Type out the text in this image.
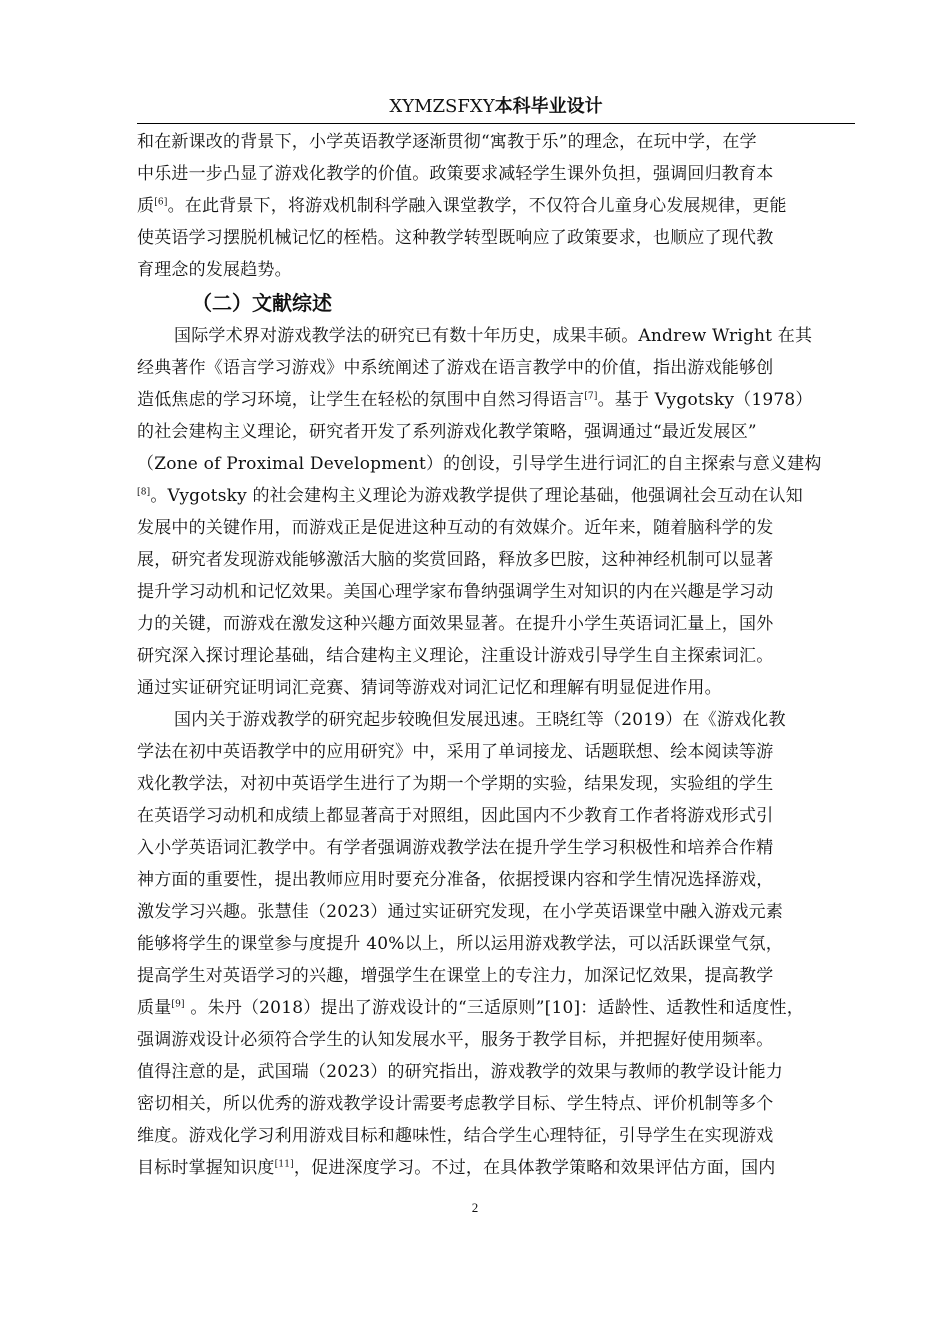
XYMZSFXY本科毕业设计
和在新课改的背景下，小学英语教学逐渐贯彻“寓教于乐”的理念，在玩中学，在学
中乐进一步凸显了游戏化教学的价值。政策要求减轻学生课外负担，强调回归教育本
质[6]。在此背景下，将游戏机制科学融入课堂教学，不仅符合儿童身心发展规律，更能
使英语学习摆脱机械记忆的桎梏。这种教学转型既响应了政策要求，也顺应了现代教
育理念的发展趋势。
（二）文献综述
国际学术界对游戏教学法的研究已有数十年历史，成果丰硕。Andrew Wright 在其
经典著作《语言学习游戏》中系统阐述了游戏在语言教学中的价值，指出游戏能够创
造低焦虑的学习环境，让学生在轻松的氛围中自然习得语言[7]。基于 Vygotsky（1978）
的社会建构主义理论，研究者开发了系列游戏化教学策略，强调通过“最近发展区”
（Zone of Proximal Development）的创设，引导学生进行词汇的自主探索与意义建构
[8]。Vygotsky 的社会建构主义理论为游戏教学提供了理论基础，他强调社会互动在认知
发展中的关键作用，而游戏正是促进这种互动的有效媒介。近年来，随着脑科学的发
展，研究者发现游戏能够激活大脑的奖赏回路，释放多巴胺，这种神经机制可以显著
提升学习动机和记忆效果。美国心理学家布鲁纳强调学生对知识的内在兴趣是学习动
力的关键，而游戏在激发这种兴趣方面效果显著。在提升小学生英语词汇量上，国外
研究深入探讨理论基础，结合建构主义理论，注重设计游戏引导学生自主探索词汇。
通过实证研究证明词汇竞赛、猜词等游戏对词汇记忆和理解有明显促进作用。
国内关于游戏教学的研究起步较晚但发展迅速。王晓红等（2019）在《游戏化教
学法在初中英语教学中的应用研究》中，采用了单词接龙、话题联想、绘本阅读等游
戏化教学法，对初中英语学生进行了为期一个学期的实验，结果发现，实验组的学生
在英语学习动机和成绩上都显著高于对照组，因此国内不少教育工作者将游戏形式引
入小学英语词汇教学中。有学者强调游戏教学法在提升学生学习积极性和培养合作精
神方面的重要性，提出教师应用时要充分准备，依据授课内容和学生情况选择游戏，
激发学习兴趣。张慧佳（2023）通过实证研究发现，在小学英语课堂中融入游戏元素
能够将学生的课堂参与度提升 40%以上，所以运用游戏教学法，可以活跃课堂气氛，
提高学生对英语学习的兴趣，增强学生在课堂上的专注力，加深记忆效果，提高教学
质量[9] 。朱丹（2018）提出了游戏设计的“三适原则”[10]：适龄性、适教性和适度性，
强调游戏设计必须符合学生的认知发展水平，服务于教学目标，并把握好使用频率。
值得注意的是，武国瑞（2023）的研究指出，游戏教学的效果与教师的教学设计能力
密切相关，所以优秀的游戏教学设计需要考虑教学目标、学生特点、评价机制等多个
维度。游戏化学习利用游戏目标和趣味性，结合学生心理特征，引导学生在实现游戏
目标时掌握知识度[11]，促进深度学习。不过，在具体教学策略和效果评估方面，国内
2
